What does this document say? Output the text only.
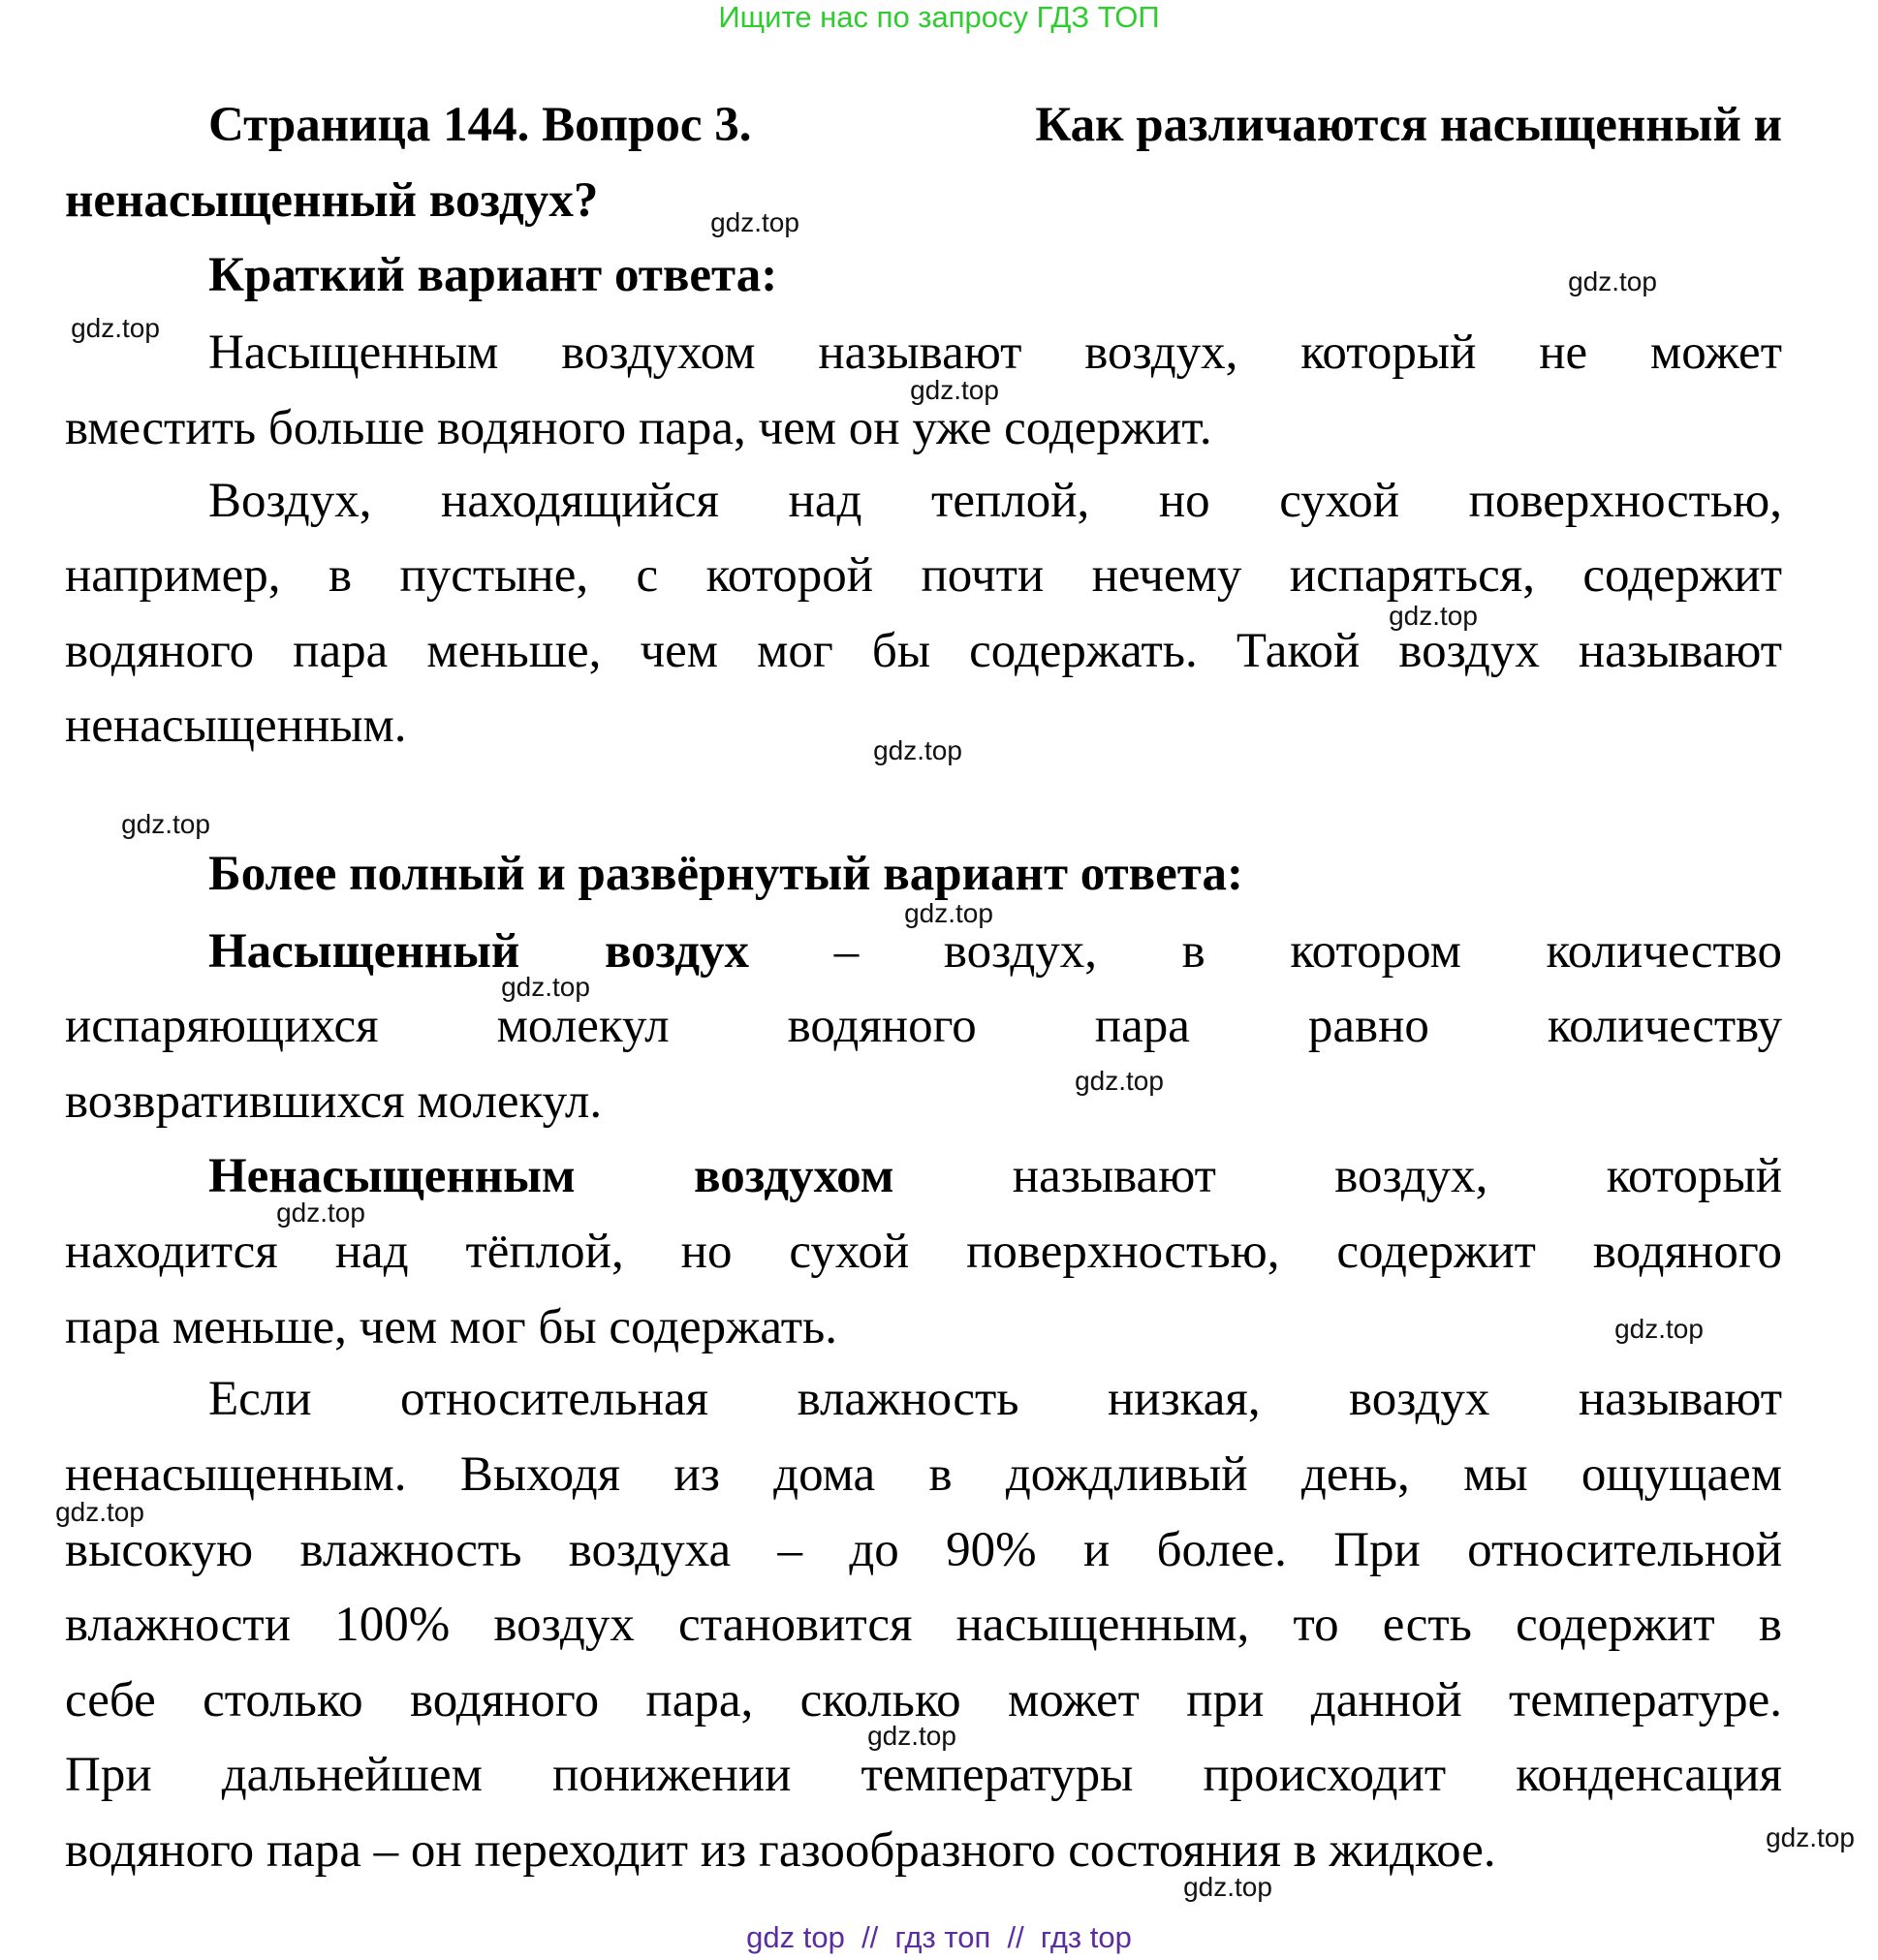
Ищите нас по запросу ГДЗ ТОП
Страница 144. Вопрос 3.	Как различаются насыщенный и
ненасыщенный воздух?
Краткий вариант ответа:
Насыщенным воздухом называют воздух, который не может
вместить больше водяного пара, чем он уже содержит.
Воздух, находящийся над теплой, но сухой поверхностью,
например, в пустыне, с которой почти нечему испаряться, содержит
водяного пара меньше, чем мог бы содержать. Такой воздух называют
ненасыщенным.
Более полный и развёрнутый вариант ответа:
Насыщенный воздух – воздух, в котором количество
испаряющихся молекул водяного пара равно количеству
возвратившихся молекул.
Ненасыщенным воздухом называют воздух, который
находится над тёплой, но сухой поверхностью, содержит водяного
пара меньше, чем мог бы содержать.
Если относительная влажность низкая, воздух называют
ненасыщенным. Выходя из дома в дождливый день, мы ощущаем
высокую влажность воздуха – до 90% и более. При относительной
влажности 100% воздух становится насыщенным, то есть содержит в
себе столько водяного пара, сколько может при данной температуре.
При дальнейшем понижении температуры происходит конденсация
водяного пара – он переходит из газообразного состояния в жидкое.
gdz.top
gdz.top
gdz.top
gdz.top
gdz.top
gdz.top
gdz.top
gdz.top
gdz.top
gdz.top
gdz.top
gdz.top
gdz.top
gdz.top
gdz.top
gdz.top
gdz top  //  гдз топ  //  гдз top
